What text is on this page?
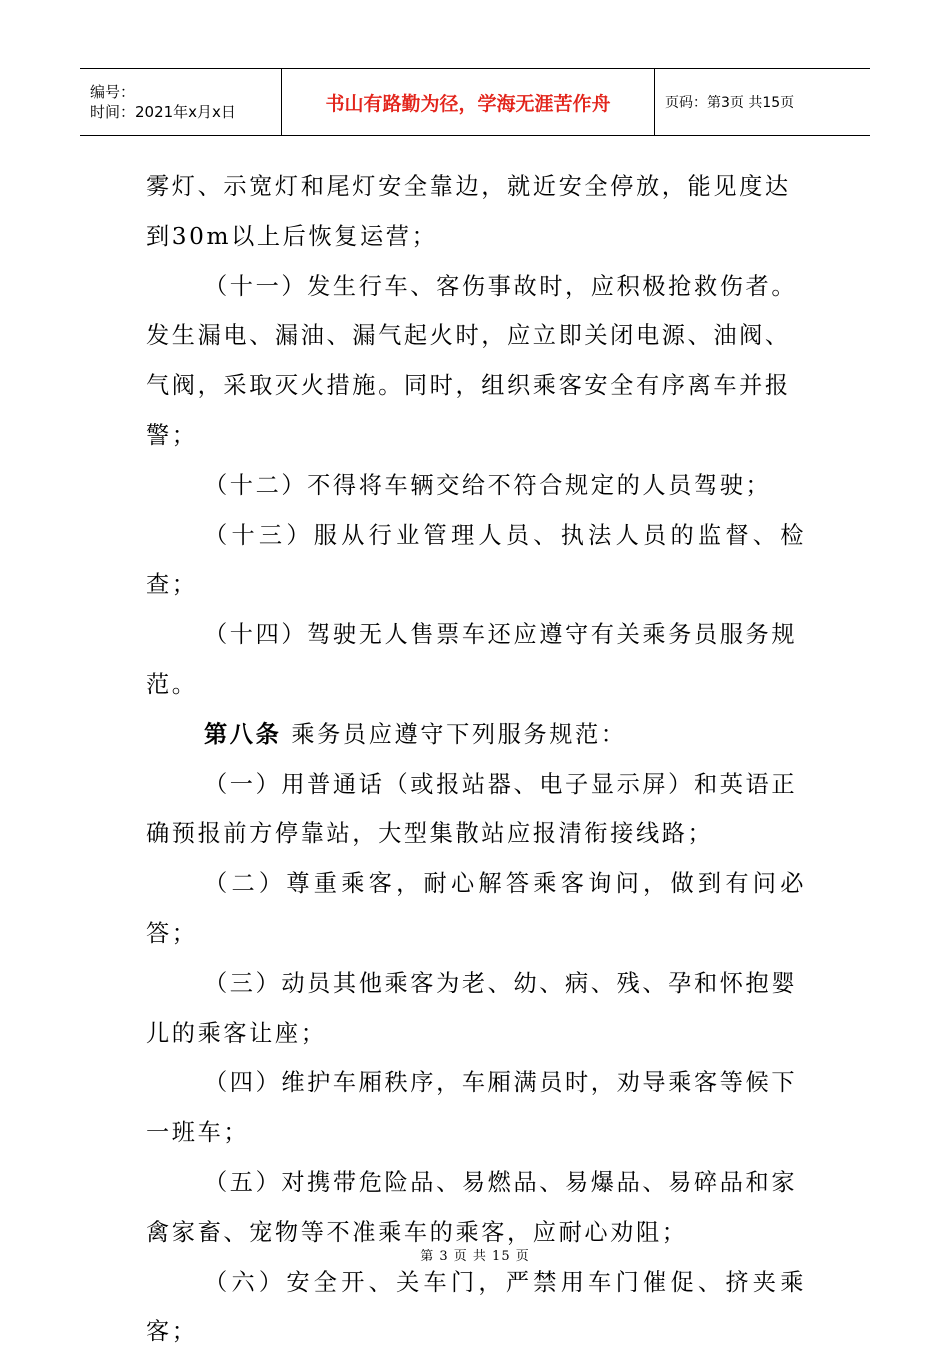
编号：
时间：2021年x月x日	书山有路勤为径，学海无涯苦作舟	页码：第3页 共15页

雾灯、示宽灯和尾灯安全靠边，就近安全停放，能见度达

到30m以上后恢复运营；

（十一）发生行车、客伤事故时，应积极抢救伤者。

发生漏电、漏油、漏气起火时，应立即关闭电源、油阀、

气阀，采取灭火措施。同时，组织乘客安全有序离车并报

警；

（十二）不得将车辆交给不符合规定的人员驾驶；

（十三）服从行业管理人员、执法人员的监督、检查；

（十四）驾驶无人售票车还应遵守有关乘务员服务规

范。

第八条 乘务员应遵守下列服务规范：

（一）用普通话（或报站器、电子显示屏）和英语正

确预报前方停靠站，大型集散站应报清衔接线路；

（二）尊重乘客，耐心解答乘客询问，做到有问必答；

（三）动员其他乘客为老、幼、病、残、孕和怀抱婴

儿的乘客让座；

（四）维护车厢秩序，车厢满员时，劝导乘客等候下

一班车；

（五）对携带危险品、易燃品、易爆品、易碎品和家

禽家畜、宠物等不准乘车的乘客，应耐心劝阻；

（六）安全开、关车门，严禁用车门催促、挤夹乘客；

第 3 页 共 15 页
